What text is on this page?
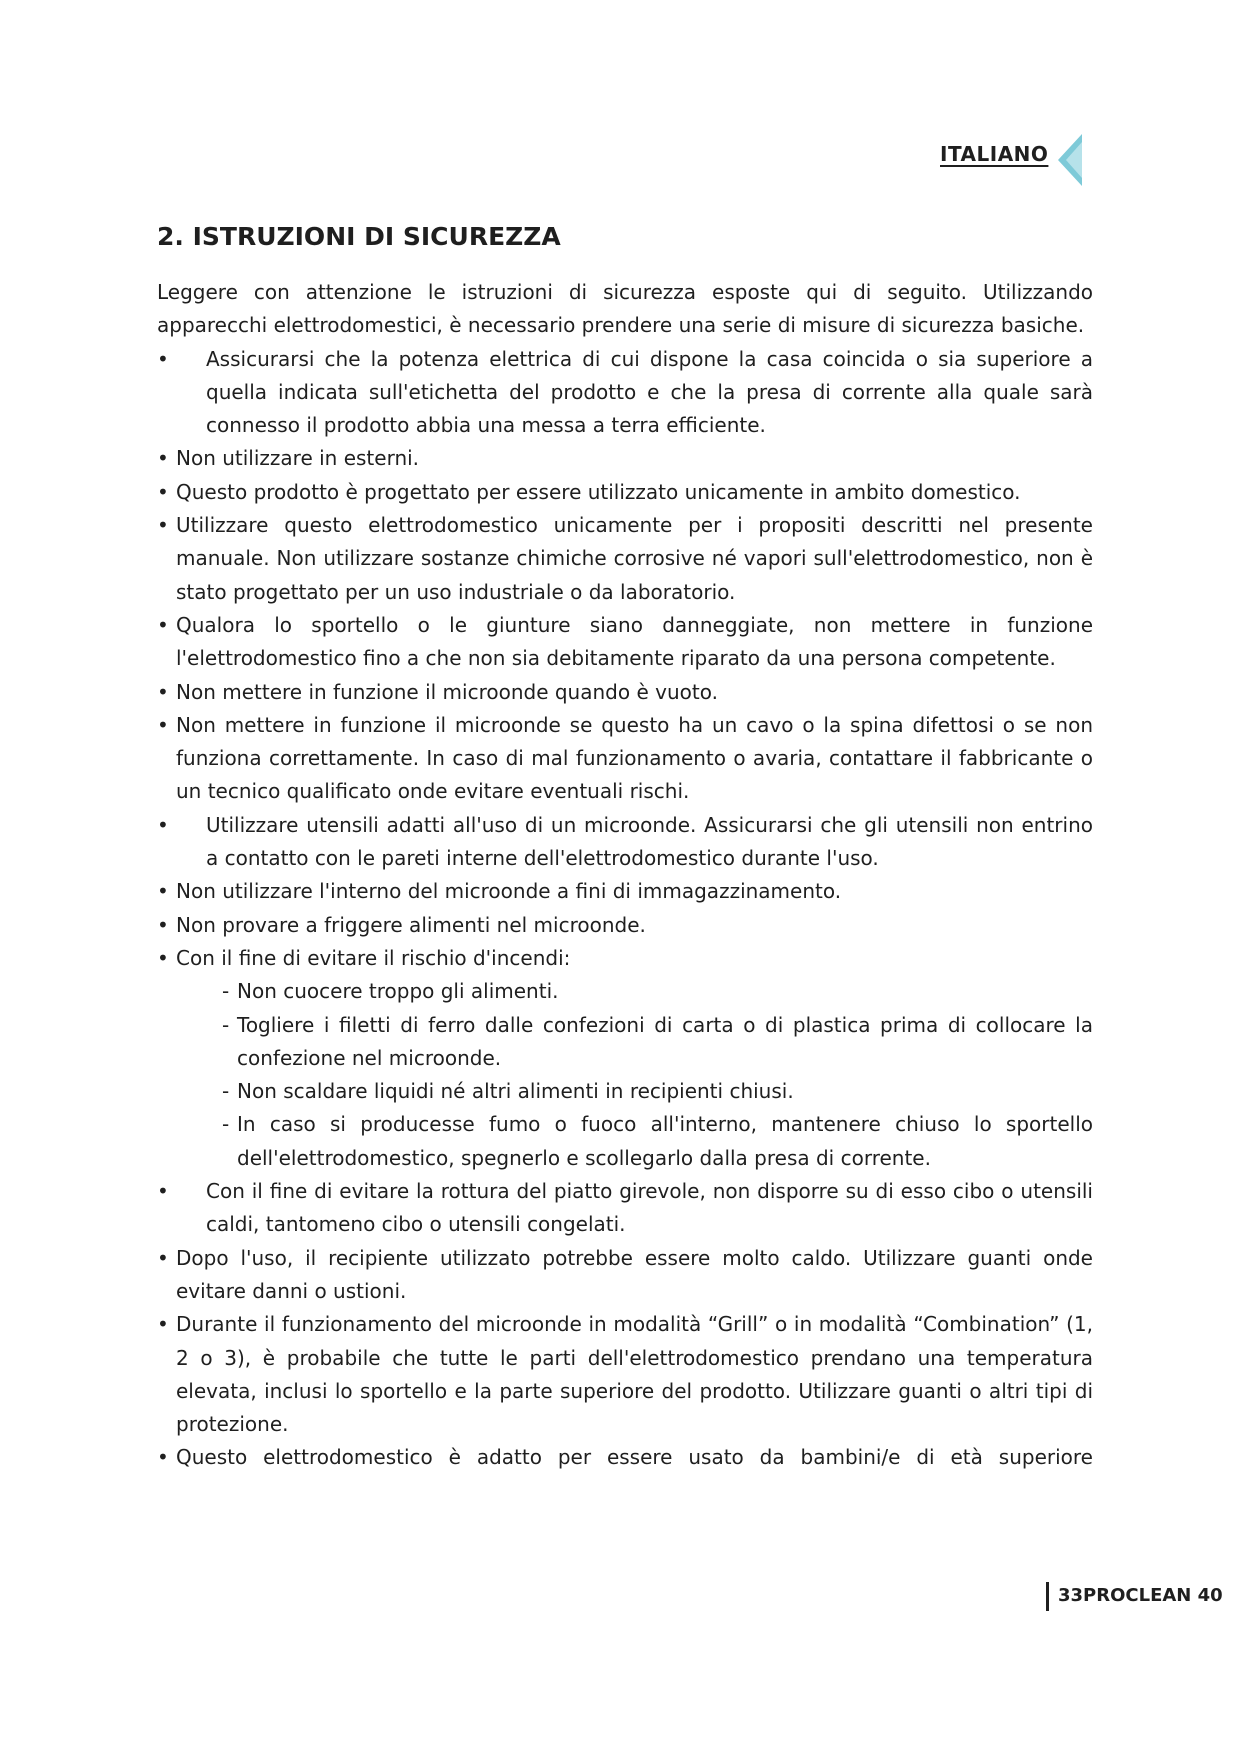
ITALIANO
2. ISTRUZIONI DI SICUREZZA

Leggere con attenzione le istruzioni di sicurezza esposte qui di seguito. Utilizzando apparecchi elettrodomestici, è necessario prendere una serie di misure di sicurezza basiche.

• Assicurarsi che la potenza elettrica di cui dispone la casa coincida o sia superiore a quella indicata sull'etichetta del prodotto e che la presa di corrente alla quale sarà connesso il prodotto abbia una messa a terra efficiente.
• Non utilizzare in esterni.
• Questo prodotto è progettato per essere utilizzato unicamente in ambito domestico.
• Utilizzare questo elettrodomestico unicamente per i propositi descritti nel presente manuale. Non utilizzare sostanze chimiche corrosive né vapori sull'elettrodomestico, non è stato progettato per un uso industriale o da laboratorio.
• Qualora lo sportello o le giunture siano danneggiate, non mettere in funzione l'elettrodomestico fino a che non sia debitamente riparato da una persona competente.
• Non mettere in funzione il microonde quando è vuoto.
• Non mettere in funzione il microonde se questo ha un cavo o la spina difettosi o se non funziona correttamente. In caso di mal funzionamento o avaria, contattare il fabbricante o un tecnico qualificato onde evitare eventuali rischi.
• Utilizzare utensili adatti all'uso di un microonde. Assicurarsi che gli utensili non entrino a contatto con le pareti interne dell'elettrodomestico durante l'uso.
• Non utilizzare l'interno del microonde a fini di immagazzinamento.
• Non provare a friggere alimenti nel microonde.
• Con il fine di evitare il rischio d'incendi:
- Non cuocere troppo gli alimenti.
- Togliere i filetti di ferro dalle confezioni di carta o di plastica prima di collocare la confezione nel microonde.
- Non scaldare liquidi né altri alimenti in recipienti chiusi.
- In caso si producesse fumo o fuoco all'interno, mantenere chiuso lo sportello dell'elettrodomestico, spegnerlo e scollegarlo dalla presa di corrente.
• Con il fine di evitare la rottura del piatto girevole, non disporre su di esso cibo o utensili caldi, tantomeno cibo o utensili congelati.
• Dopo l'uso, il recipiente utilizzato potrebbe essere molto caldo. Utilizzare guanti onde evitare danni o ustioni.
• Durante il funzionamento del microonde in modalità “Grill” o in modalità “Combination” (1, 2 o 3), è probabile che tutte le parti dell'elettrodomestico prendano una temperatura elevata, inclusi lo sportello e la parte superiore del prodotto. Utilizzare guanti o altri tipi di protezione.
• Questo elettrodomestico è adatto per essere usato da bambini/e di età superiore
33PROCLEAN 40
